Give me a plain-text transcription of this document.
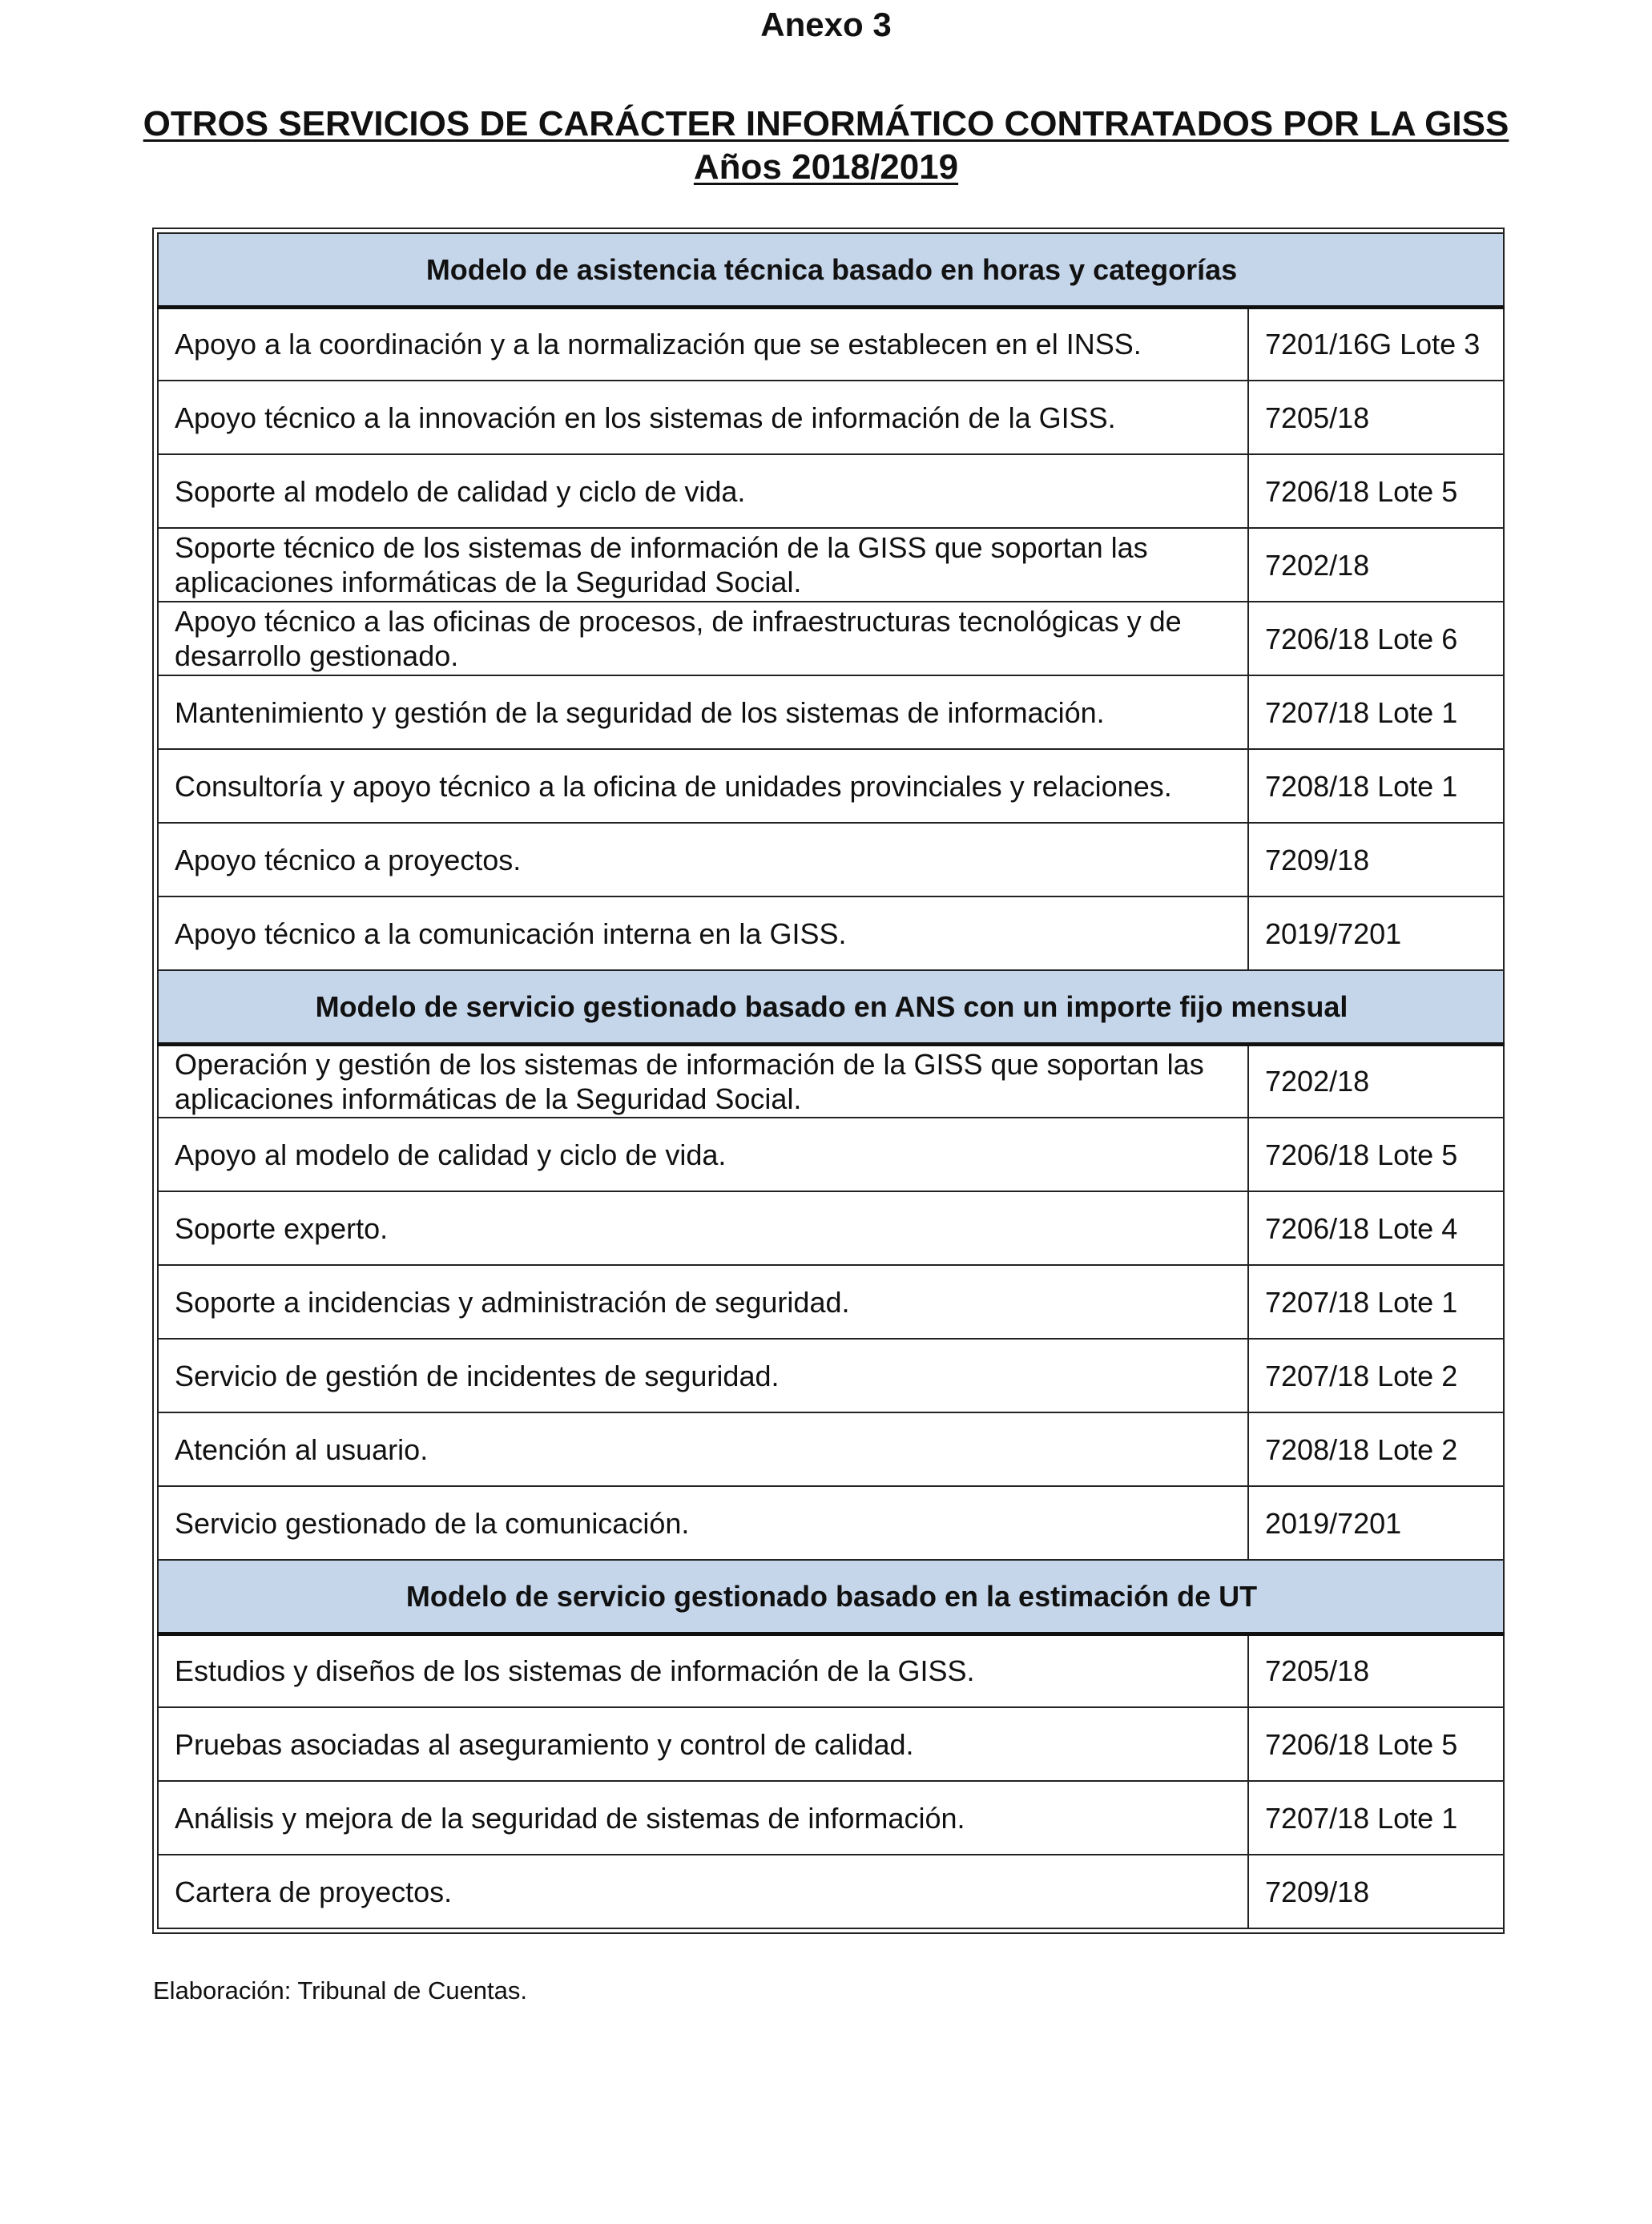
Anexo 3
OTROS SERVICIOS DE CARÁCTER INFORMÁTICO CONTRATADOS POR LA GISS
Años 2018/2019
Modelo de asistencia técnica basado en horas y categorías	
Apoyo a la coordinación y a la normalización que se establecen en el INSS.	7201/16G Lote 3
Apoyo técnico a la innovación en los sistemas de información de la GISS.	7205/18
Soporte al modelo de calidad y ciclo de vida.	7206/18 Lote 5
Soporte técnico de los sistemas de información de la GISS que soportan las aplicaciones informáticas de la Seguridad Social.	7202/18
Apoyo técnico a las oficinas de procesos, de infraestructuras tecnológicas y de desarrollo gestionado.	7206/18 Lote 6
Mantenimiento y gestión de la seguridad de los sistemas de información.	7207/18 Lote 1
Consultoría y apoyo técnico a la oficina de unidades provinciales y relaciones.	7208/18 Lote 1
Apoyo técnico a proyectos.	7209/18
Apoyo técnico a la comunicación interna en la GISS.	2019/7201
Modelo de servicio gestionado basado en ANS con un importe fijo mensual	
Operación y gestión de los sistemas de información de la GISS que soportan las aplicaciones informáticas de la Seguridad Social.	7202/18
Apoyo al modelo de calidad y ciclo de vida.	7206/18 Lote 5
Soporte experto.	7206/18 Lote 4
Soporte a incidencias y administración de seguridad.	7207/18 Lote 1
Servicio de gestión de incidentes de seguridad.	7207/18 Lote 2
Atención al usuario.	7208/18 Lote 2
Servicio gestionado de la comunicación.	2019/7201
Modelo de servicio gestionado basado en la estimación de UT	
Estudios y diseños de los sistemas de información de la GISS.	7205/18
Pruebas asociadas al aseguramiento y control de calidad.	7206/18 Lote 5
Análisis y mejora de la seguridad de sistemas de información.	7207/18 Lote 1
Cartera de proyectos.	7209/18
Elaboración: Tribunal de Cuentas.
